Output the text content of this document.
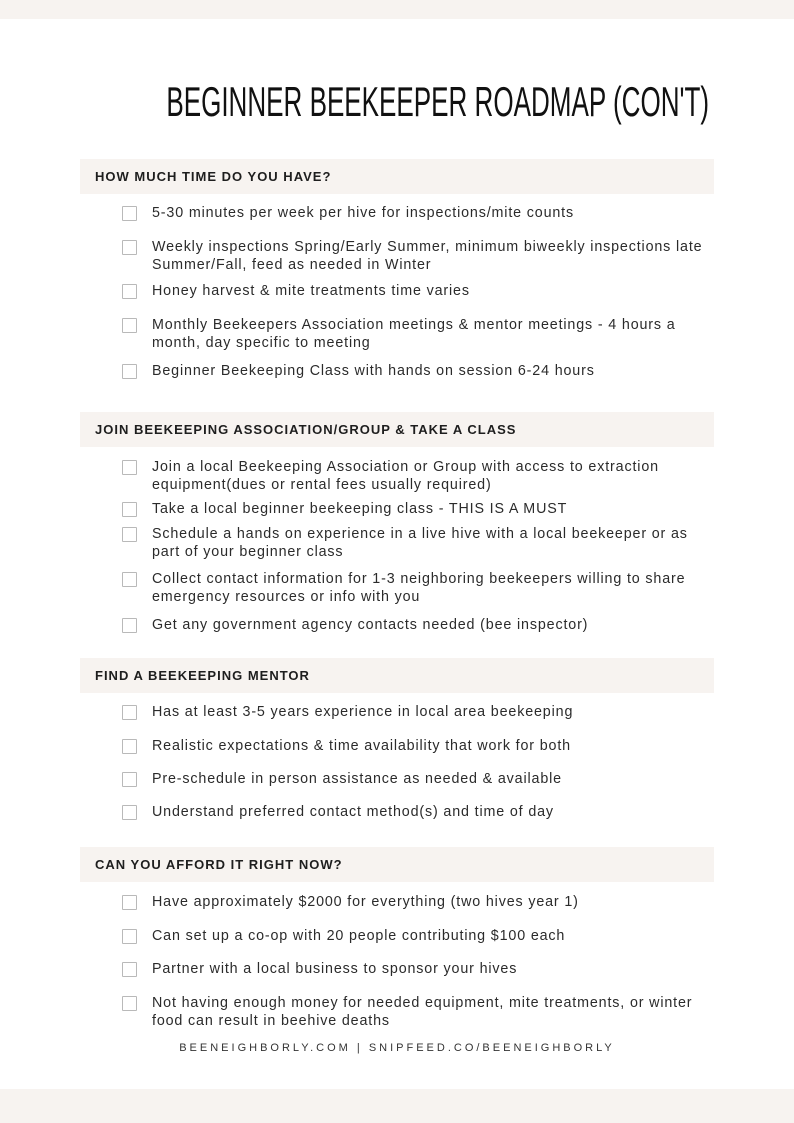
BEGINNER BEEKEEPER ROADMAP (CON'T)
HOW MUCH TIME DO YOU HAVE?
5-30 minutes per week per hive for inspections/mite counts
Weekly inspections Spring/Early Summer, minimum biweekly inspections late Summer/Fall, feed as needed in Winter
Honey harvest & mite treatments time varies
Monthly Beekeepers Association meetings & mentor meetings - 4 hours a month, day specific to meeting
Beginner Beekeeping Class with hands on session 6-24 hours
JOIN BEEKEEPING ASSOCIATION/GROUP & TAKE A CLASS
Join a local Beekeeping Association or Group with access to extraction equipment(dues or rental fees usually required)
Take a local beginner beekeeping class - THIS IS A MUST
Schedule a hands on experience in a live hive with a local beekeeper or as part of your beginner class
Collect contact information for 1-3 neighboring beekeepers willing to share emergency resources or info with you
Get any government agency contacts needed (bee inspector)
FIND A BEEKEEPING MENTOR
Has at least 3-5 years experience in local area beekeeping
Realistic expectations & time availability that work for both
Pre-schedule in person assistance as needed & available
Understand preferred contact method(s) and time of day
CAN YOU AFFORD IT RIGHT NOW?
Have approximately $2000 for everything (two hives year 1)
Can set up a co-op with 20 people contributing $100 each
Partner with a local business to sponsor your hives
Not having enough money for needed equipment, mite treatments, or winter food can result in beehive deaths
BEENEIGHBORLY.COM | SNIPFEED.CO/BEENEIGHBORLY
